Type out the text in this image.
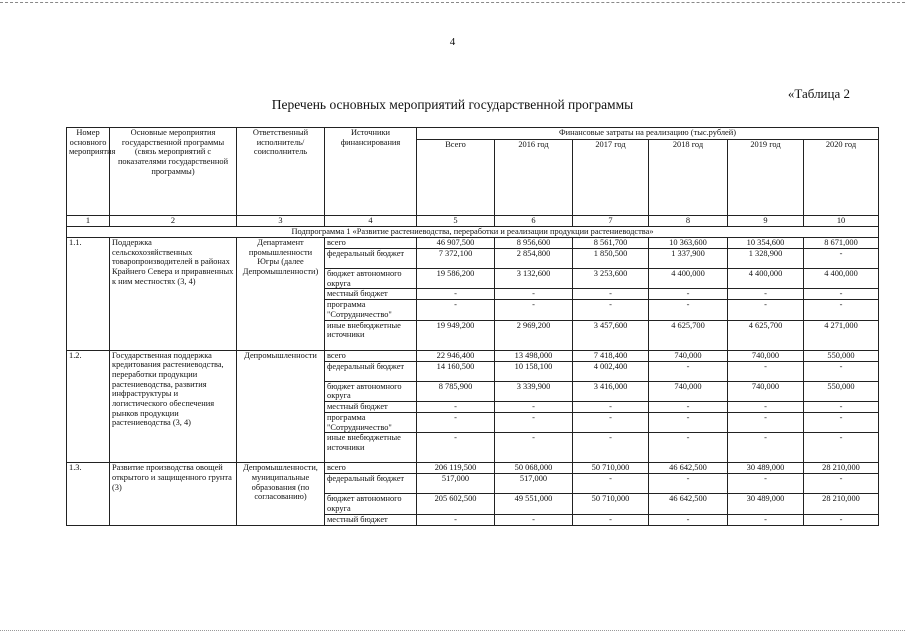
4
«Таблица 2
Перечень основных мероприятий государственной программы
Номер основного мероприятия	Основные мероприятия государственной программы (связь мероприятий с показателями государственной программы)	Ответственный исполнитель/соисполнитель	Источники финансирования	Финансовые затраты на реализацию (тыс.рублей)					
				Всего	2016 год	2017 год	2018 год	2019 год	2020 год
1	2	3	4	5	6	7	8	9	10
Подпрограмма 1 «Развитие растениеводства, переработки и реализации продукции растениеводства»									
1.1.	Поддержка сельскохозяйственных товаропроизводителей в районах Крайнего Севера и приравненных к ним местностях (3, 4)	Департамент промышленности Югры (далее Депромышленности)	всего	46 907,500	8 956,600	8 561,700	10 363,600	10 354,600	8 671,000
			федеральный бюджет	7 372,100	2 854,800	1 850,500	1 337,900	1 328,900	-
			бюджет автономного округа	19 586,200	3 132,600	3 253,600	4 400,000	4 400,000	4 400,000
			местный бюджет	-	-	-	-	-	-
			программа "Сотрудничество"	-	-	-	-	-	-
			иные внебюджетные источники	19 949,200	2 969,200	3 457,600	4 625,700	4 625,700	4 271,000
1.2.	Государственная поддержка кредитования растениеводства, переработки продукции растениеводства, развития инфраструктуры и логистического обеспечения рынков продукции растениеводства (3, 4)	Депромышленности	всего	22 946,400	13 498,000	7 418,400	740,000	740,000	550,000
			федеральный бюджет	14 160,500	10 158,100	4 002,400	-	-	-
			бюджет автономного округа	8 785,900	3 339,900	3 416,000	740,000	740,000	550,000
			местный бюджет	-	-	-	-	-	-
			программа "Сотрудничество"	-	-	-	-	-	-
			иные внебюджетные источники	-	-	-	-	-	-
1.3.	Развитие производства овощей открытого и защищенного грунта (3)	Депромышленности, муниципальные образования (по согласованию)	всего	206 119,500	50 068,000	50 710,000	46 642,500	30 489,000	28 210,000
			федеральный бюджет	517,000	517,000	-	-	-	-
			бюджет автономного округа	205 602,500	49 551,000	50 710,000	46 642,500	30 489,000	28 210,000
			местный бюджет	-	-	-	-	-	-
